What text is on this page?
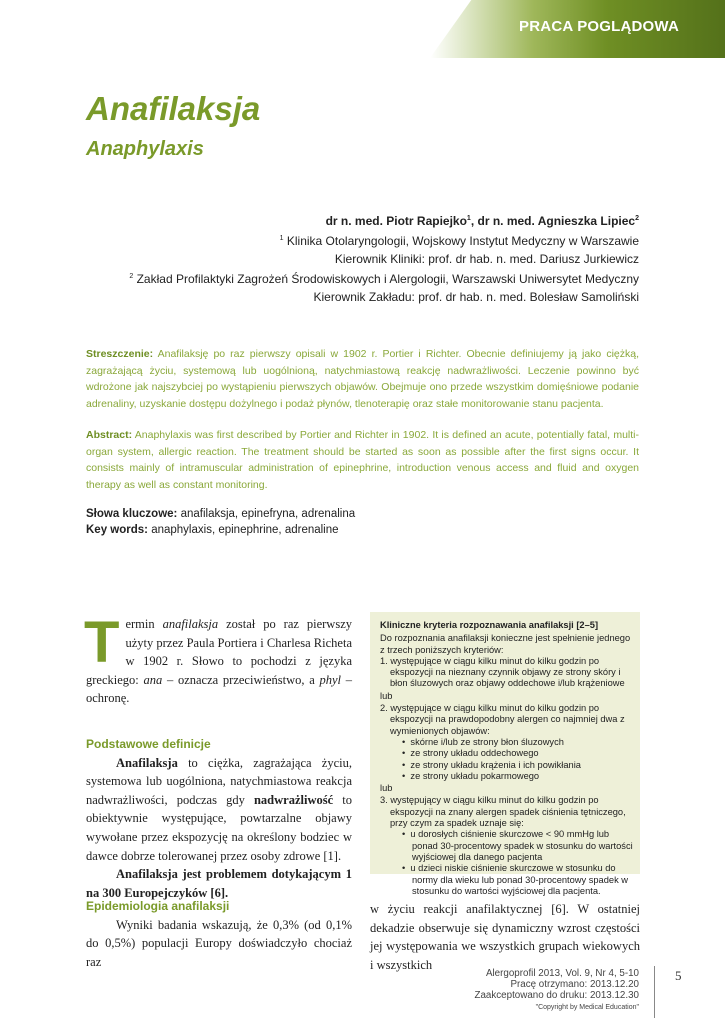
PRACA POGLĄDOWA
Anafilaksja
Anaphylaxis
dr n. med. Piotr Rapiejko$^1$, dr n. med. Agnieszka Lipiec$^2$
$^1$ Klinika Otolaryngologii, Wojskowy Instytut Medyczny w Warszawie
Kierownik Kliniki: prof. dr hab. n. med. Dariusz Jurkiewicz
$^2$ Zakład Profilaktyki Zagrożeń Środowiskowych i Alergologii, Warszawski Uniwersytet Medyczny
Kierownik Zakładu: prof. dr hab. n. med. Bolesław Samoliński
Streszczenie: Anafilaksję po raz pierwszy opisali w 1902 r. Portier i Richter. Obecnie definiujemy ją jako ciężką, zagrażającą życiu, systemową lub uogólnioną, natychmiastową reakcję nadwrażliwości. Leczenie powinno być wdrożone jak najszybciej po wystąpieniu pierwszych objawów. Obejmuje ono przede wszystkim domięśniowe podanie adrenaliny, uzyskanie dostępu dożylnego i podaż płynów, tlenoterapię oraz stałe monitorowanie stanu pacjenta.
Abstract: Anaphylaxis was first described by Portier and Richter in 1902. It is defined an acute, potentially fatal, multi-organ system, allergic reaction. The treatment should be started as soon as possible after the first signs occur. It consists mainly of intramuscular administration of epinephrine, introduction venous access and fluid and oxygen therapy as well as constant monitoring.
Słowa kluczowe: anafilaksja, epinefryna, adrenalina
Key words: anaphylaxis, epinephrine, adrenaline

Termin anafilaksja został po raz pierwszy użyty przez Paula Portiera i Charlesa Richeta w 1902 r. Słowo to pochodzi z języka greckiego: ana – oznacza przeciwieństwo, a phyl – ochronę.

Podstawowe definicje

Anafilaksja to ciężka, zagrażająca życiu, systemowa lub uogólniona, natychmiastowa reakcja nadwrażliwości, podczas gdy nadwrażliwość to obiektywnie występujące, powtarzalne objawy wywołane przez ekspozycję na określony bodziec w dawce dobrze tolerowanej przez osoby zdrowe [1].

Anafilaksja jest problemem dotykającym 1 na 300 Europejczyków [6].

Kliniczne kryteria rozpoznawania anafilaksji [2–5]
Do rozpoznania anafilaksji konieczne jest spełnienie jednego z trzech poniższych kryteriów:
1. występujące w ciągu kilku minut do kilku godzin po ekspozycji na nieznany czynnik objawy ze strony skóry i błon śluzowych oraz objawy oddechowe i/lub krążeniowe
lub
2. występujące w ciągu kilku minut do kilku godzin po ekspozycji na prawdopodobny alergen co najmniej dwa z wymienionych objawów:
•  skórne i/lub ze strony błon śluzowych
•  ze strony układu oddechowego
•  ze strony układu krążenia i ich powikłania
•  ze strony układu pokarmowego
lub
3. występujący w ciągu kilku minut do kilku godzin po ekspozycji na znany alergen spadek ciśnienia tętniczego, przy czym za spadek uznaje się:
•  u dorosłych ciśnienie skurczowe < 90 mmHg lub ponad 30-procentowy spadek w stosunku do wartości wyjściowej dla danego pacjenta
•  u dzieci niskie ciśnienie skurczowe w stosunku do normy dla wieku lub ponad 30-procentowy spadek w stosunku do wartości wyjściowej dla pacjenta.
Epidemiologia anafilaksji

Wyniki badania wskazują, że 0,3% (od 0,1% do 0,5%) populacji Europy doświadczyło chociaż raz

w życiu reakcji anafilaktycznej [6]. W ostatniej dekadzie obserwuje się dynamiczny wzrost częstości jej występowania we wszystkich grupach wiekowych i wszystkich
Alergoprofil 2013, Vol. 9, Nr 4, 5-10
Pracę otrzymano: 2013.12.20
Zaakceptowano do druku: 2013.12.30
"Copyright by Medical Education"
5
